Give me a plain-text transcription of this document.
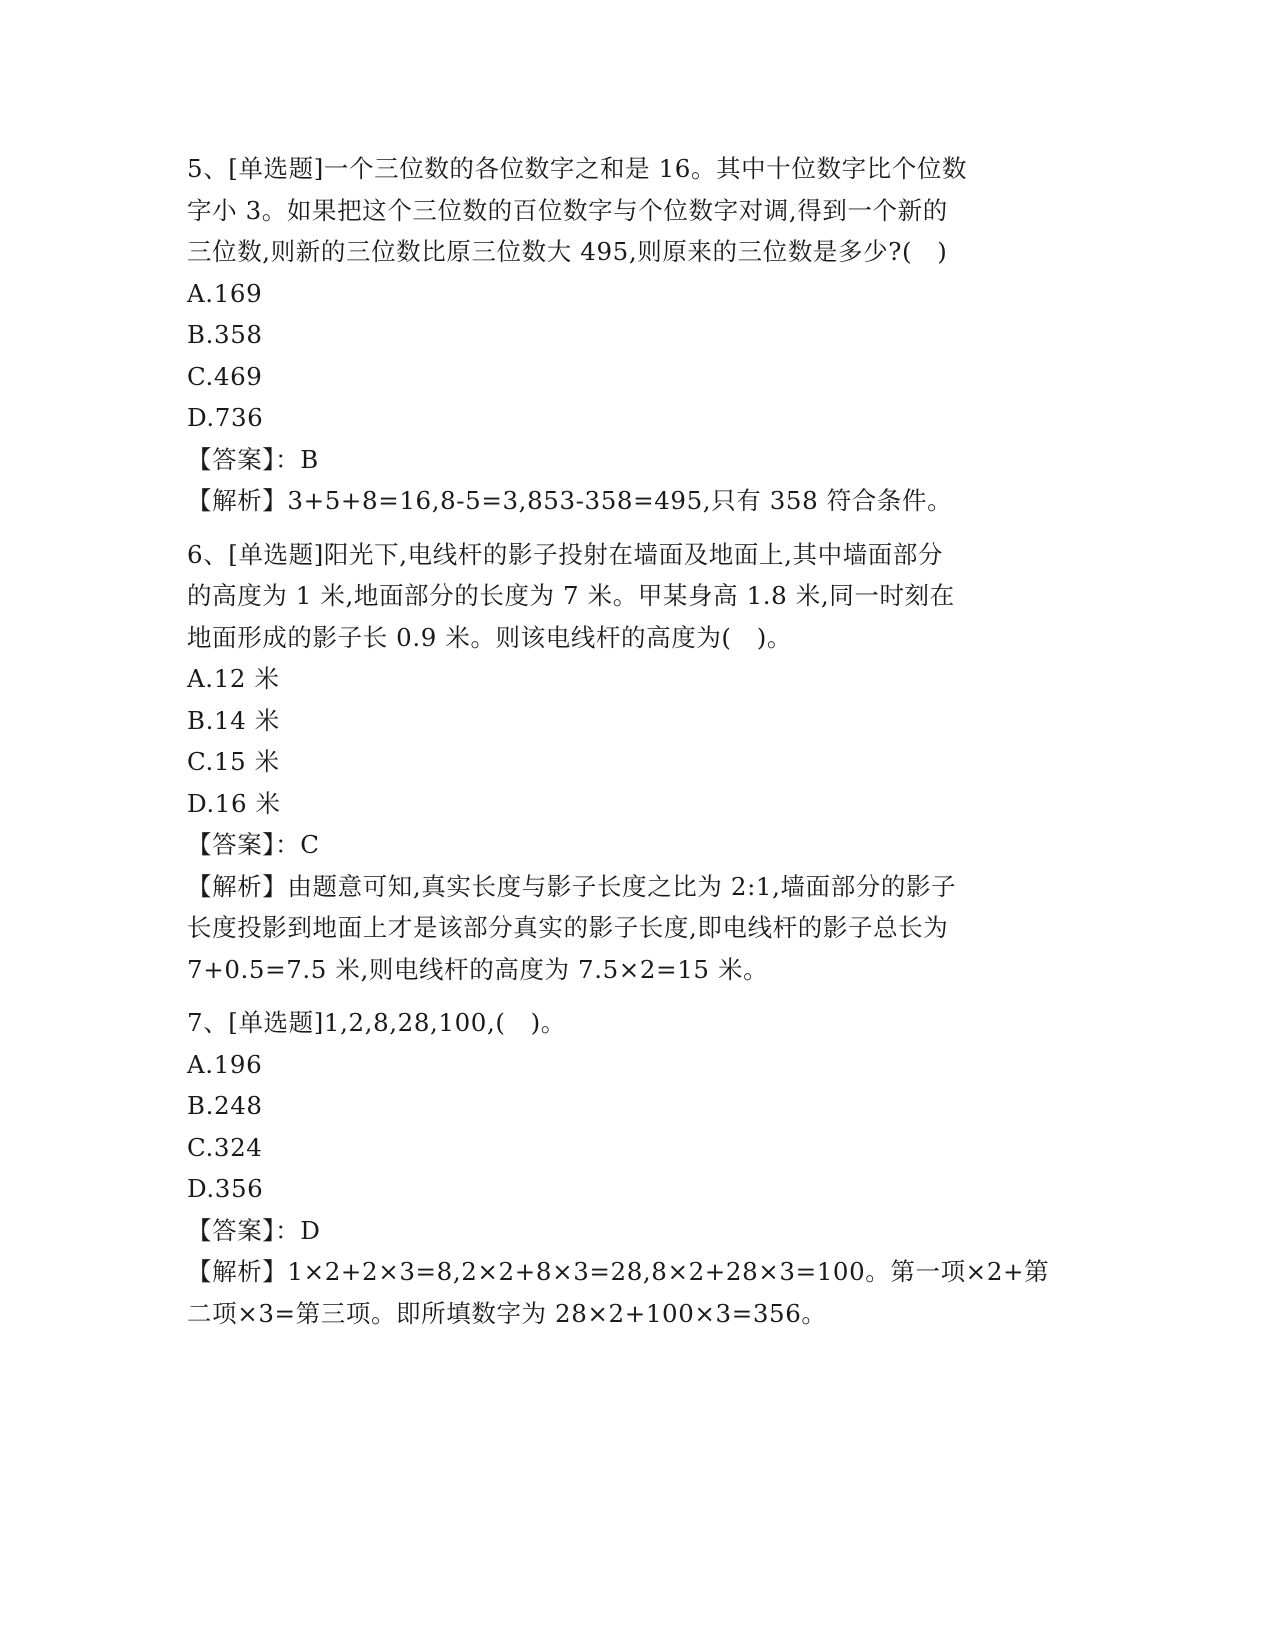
5、[单选题]一个三位数的各位数字之和是 16。其中十位数字比个位数
字小 3。如果把这个三位数的百位数字与个位数字对调,得到一个新的
三位数,则新的三位数比原三位数大 495,则原来的三位数是多少?(　)
A.169
B.358
C.469
D.736
【答案】：B
【解析】3+5+8=16,8-5=3,853-358=495,只有 358 符合条件。
6、[单选题]阳光下,电线杆的影子投射在墙面及地面上,其中墙面部分
的高度为 1 米,地面部分的长度为 7 米。甲某身高 1.8 米,同一时刻在
地面形成的影子长 0.9 米。则该电线杆的高度为(　)。
A.12 米
B.14 米
C.15 米
D.16 米
【答案】：C
【解析】由题意可知,真实长度与影子长度之比为 2:1,墙面部分的影子
长度投影到地面上才是该部分真实的影子长度,即电线杆的影子总长为
7+0.5=7.5 米,则电线杆的高度为 7.5×2=15 米。
7、[单选题]1,2,8,28,100,(　)。
A.196
B.248
C.324
D.356
【答案】：D
【解析】1×2+2×3=8,2×2+8×3=28,8×2+28×3=100。第一项×2+第
二项×3=第三项。即所填数字为 28×2+100×3=356。
